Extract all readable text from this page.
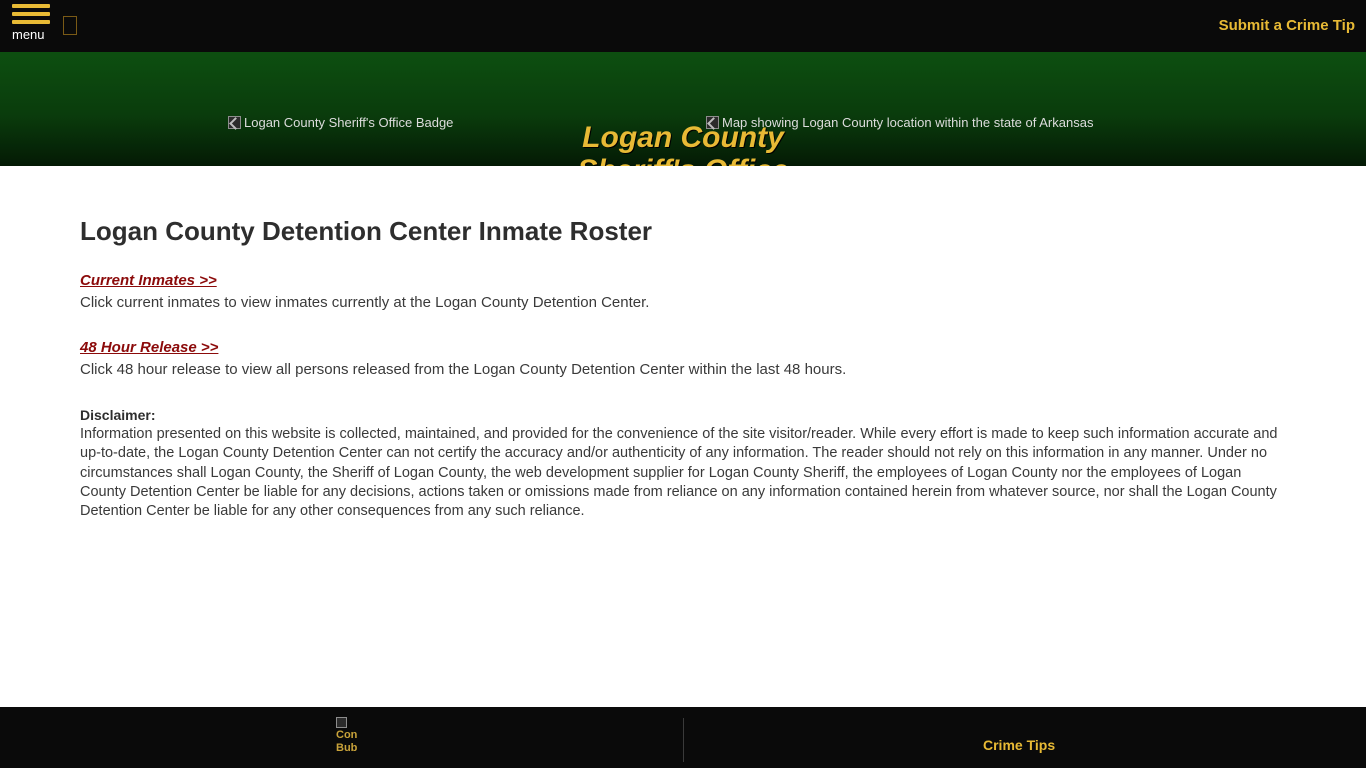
menu
Submit a Crime Tip
Logan County Sheriff's Office Badge	Map showing Logan County location within the state of Arkansas
Logan County
Logan County Detention Center Inmate Roster
Current Inmates >>

Click current inmates to view inmates currently at the Logan County Detention Center.

48 Hour Release >>

Click 48 hour release to view all persons released from the Logan County Detention Center within the last 48 hours.

Disclaimer:

Information presented on this website is collected, maintained, and provided for the convenience of the site visitor/reader. While every effort is made to keep such information accurate and up-to-date, the Logan County Detention Center can not certify the accuracy and/or authenticity of any information. The reader should not rely on this information in any manner. Under no circumstances shall Logan County, the Sheriff of Logan County, the web development supplier for Logan County Sheriff, the employees of Logan County nor the employees of Logan County Detention Center be liable for any decisions, actions taken or omissions made from reliance on any information contained herein from whatever source, nor shall the Logan County Detention Center be liable for any other consequences from any such reliance.

Con Bub	Crime Tips
